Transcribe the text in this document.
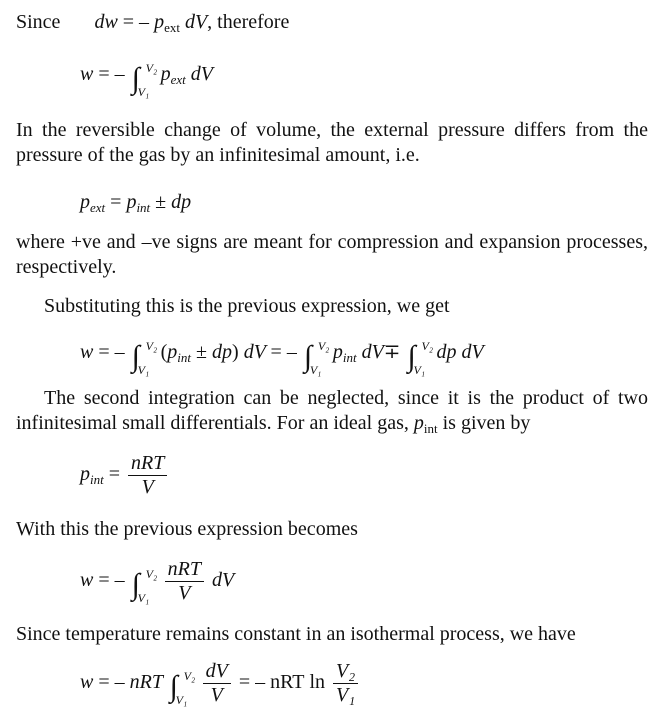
Since dw = – $p_{ext}$ dV, therefore
w = – ∫ V₂
V₁
$p_{ext}$ dV
In the reversible change of volume, the external pressure differs from the pressure of the gas by an infinitesimal amount, i.e.
$p_{ext} = p_{int}$ ± dp
where +ve and –ve signs are meant for compression and expansion processes, respectively.
Substituting this is the previous expression, we get
w = – ∫ V₂
V₁
$(p_{int} \pm dp)$ dV = – ∫ V₂
V₁
$p_{int}$ dV∓ ∫ V₂
V₁
dp dV
The second integration can be neglected, since it is the product of two infinitesimal small differentials. For an ideal gas, $p_{int}$ is given by
$p_{int} = \frac{\text{nRT}}{V}$
With this the previous expression becomes
w = – ∫ V₂
V₁
$\frac{\text{nRT}}{V}$ dV
Since temperature remains constant in an isothermal process, we have
w = – nRT ∫ V₂
V₁
$\frac{dV}{V}$ = – nRT $\ln \frac{\text{V₂}}{\text{V₁}}$
